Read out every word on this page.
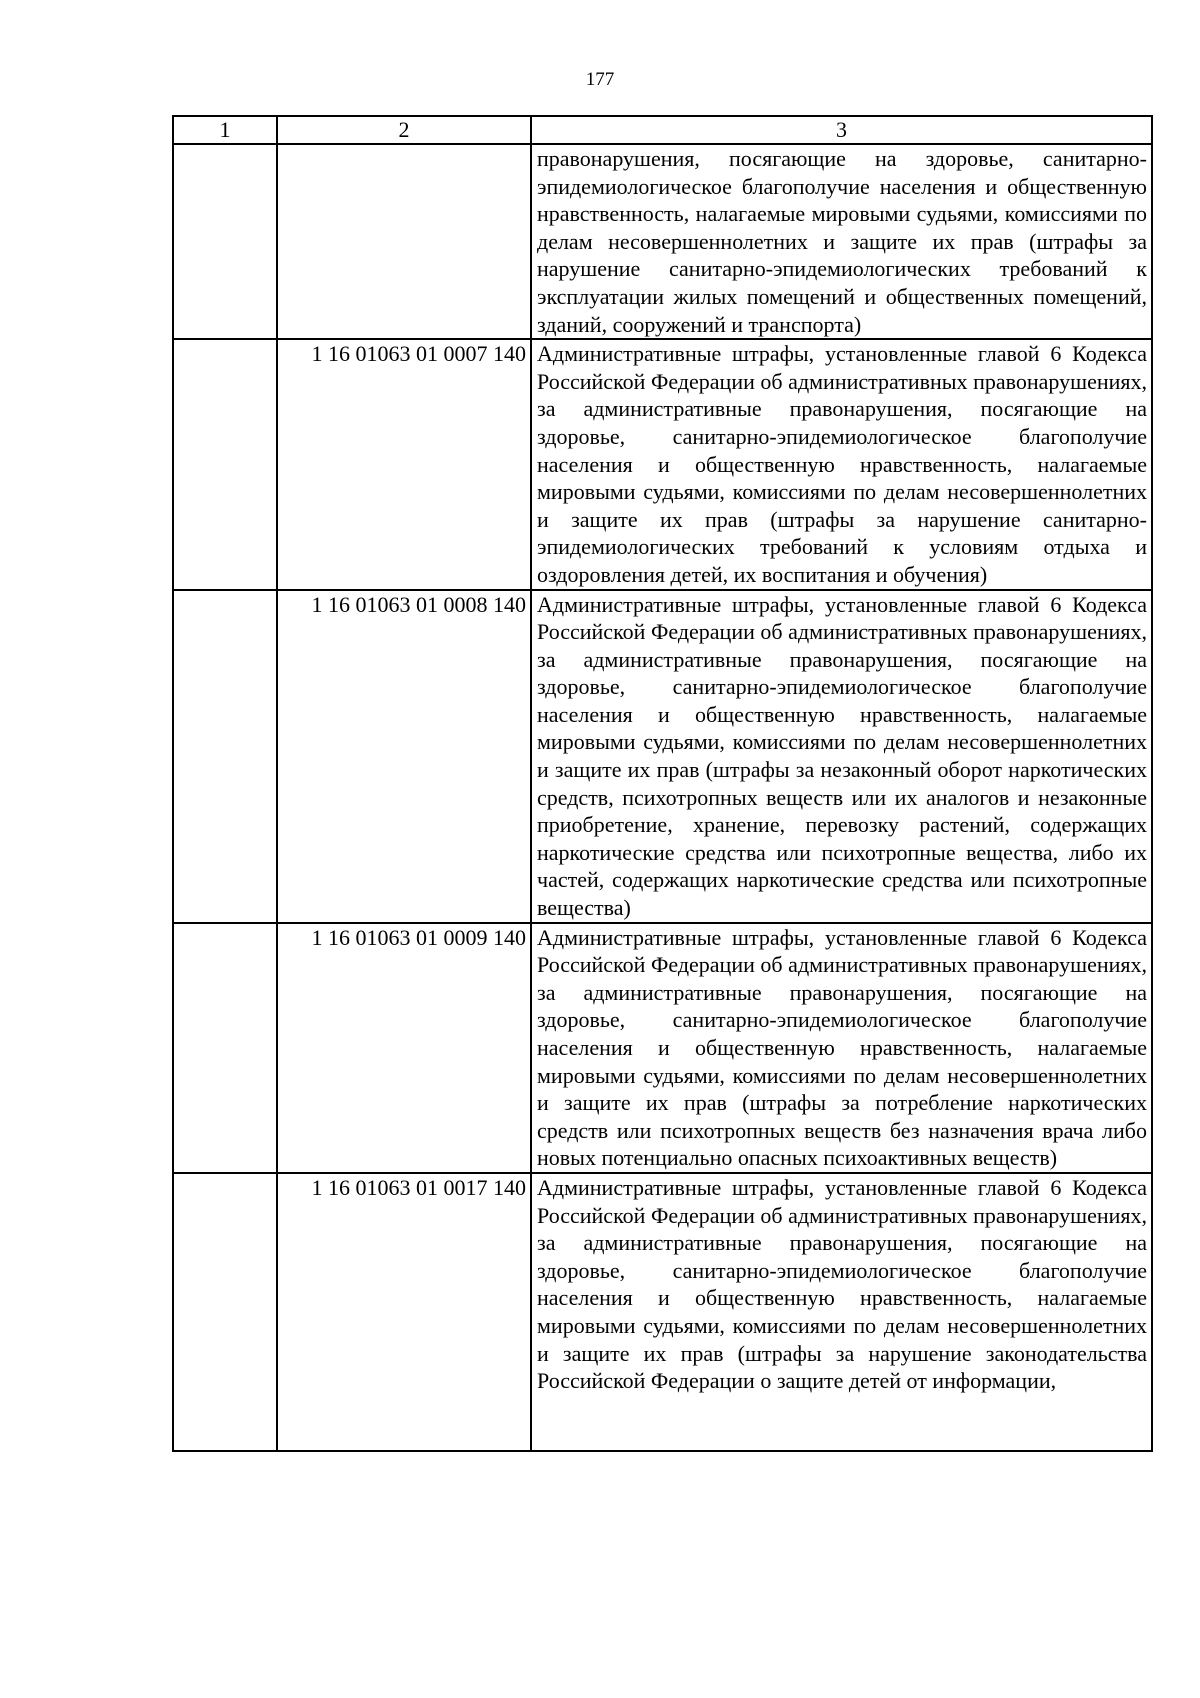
177
1	2	3
		правонарушения, посягающие на здоровье, санитарно-эпидемиологическое благополучие населения и общественную нравственность, налагаемые мировыми судьями, комиссиями по делам несовершеннолетних и защите их прав (штрафы за нарушение санитарно-эпидемиологических требований к эксплуатации жилых помещений и общественных помещений, зданий, сооружений и транспорта)
	1 16 01063 01 0007 140	Административные штрафы, установленные главой 6 Кодекса Российской Федерации об административных правонарушениях, за административные правонарушения, посягающие на здоровье, санитарно-эпидемиологическое благополучие населения и общественную нравственность, налагаемые мировыми судьями, комиссиями по делам несовершеннолетних и защите их прав (штрафы за нарушение санитарно-эпидемиологических требований к условиям отдыха и оздоровления детей, их воспитания и обучения)
	1 16 01063 01 0008 140	Административные штрафы, установленные главой 6 Кодекса Российской Федерации об административных правонарушениях, за административные правонарушения, посягающие на здоровье, санитарно-эпидемиологическое благополучие населения и общественную нравственность, налагаемые мировыми судьями, комиссиями по делам несовершеннолетних и защите их прав (штрафы за незаконный оборот наркотических средств, психотропных веществ или их аналогов и незаконные приобретение, хранение, перевозку растений, содержащих наркотические средства или психотропные вещества, либо их частей, содержащих наркотические средства или психотропные вещества)
	1 16 01063 01 0009 140	Административные штрафы, установленные главой 6 Кодекса Российской Федерации об административных правонарушениях, за административные правонарушения, посягающие на здоровье, санитарно-эпидемиологическое благополучие населения и общественную нравственность, налагаемые мировыми судьями, комиссиями по делам несовершеннолетних и защите их прав (штрафы за потребление наркотических средств или психотропных веществ без назначения врача либо новых потенциально опасных психоактивных веществ)
	1 16 01063 01 0017 140	Административные штрафы, установленные главой 6 Кодекса Российской Федерации об административных правонарушениях, за административные правонарушения, посягающие на здоровье, санитарно-эпидемиологическое благополучие населения и общественную нравственность, налагаемые мировыми судьями, комиссиями по делам несовершеннолетних и защите их прав (штрафы за нарушение законодательства Российской Федерации о защите детей от информации,
